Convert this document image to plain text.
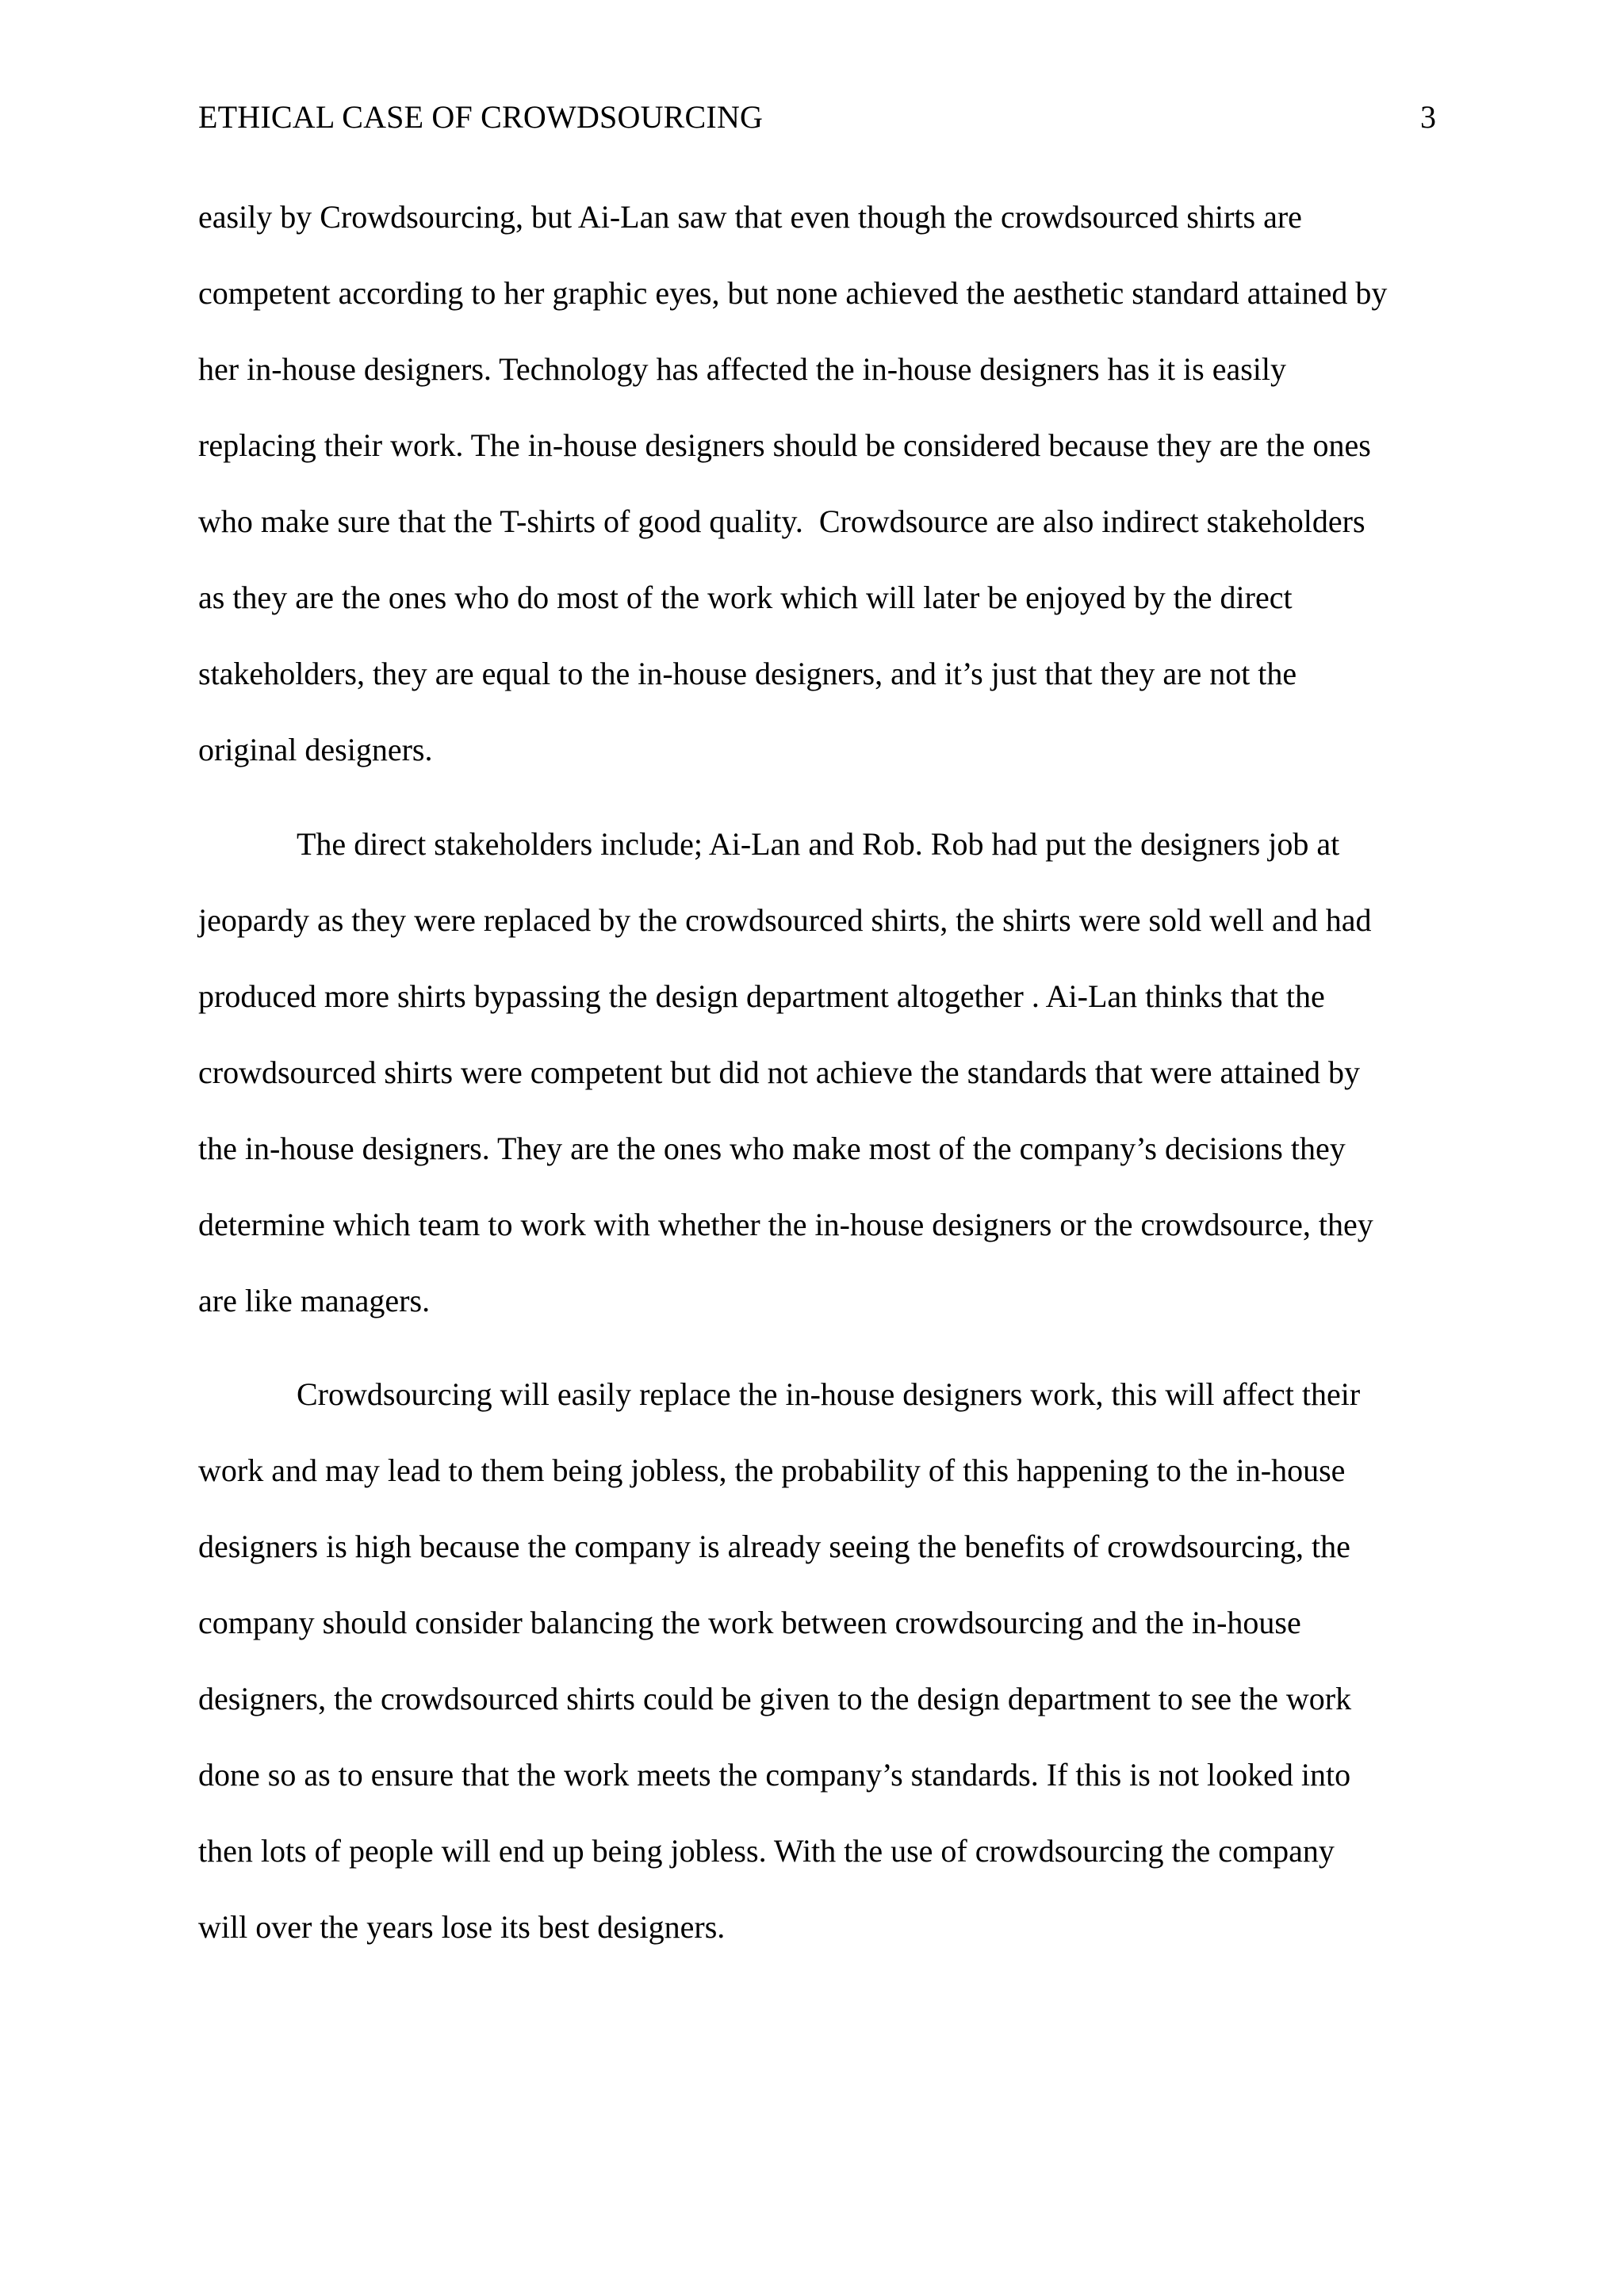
ETHICAL CASE OF CROWDSOURCING	3
easily by Crowdsourcing, but Ai-Lan saw that even though the crowdsourced shirts are
competent according to her graphic eyes, but none achieved the aesthetic standard attained by
her in-house designers. Technology has affected the in-house designers has it is easily
replacing their work. The in-house designers should be considered because they are the ones
who make sure that the T-shirts of good quality.  Crowdsource are also indirect stakeholders
as they are the ones who do most of the work which will later be enjoyed by the direct
stakeholders, they are equal to the in-house designers, and it’s just that they are not the
original designers.
The direct stakeholders include; Ai-Lan and Rob. Rob had put the designers job at
jeopardy as they were replaced by the crowdsourced shirts, the shirts were sold well and had
produced more shirts bypassing the design department altogether . Ai-Lan thinks that the
crowdsourced shirts were competent but did not achieve the standards that were attained by
the in-house designers. They are the ones who make most of the company’s decisions they
determine which team to work with whether the in-house designers or the crowdsource, they
are like managers.
Crowdsourcing will easily replace the in-house designers work, this will affect their
work and may lead to them being jobless, the probability of this happening to the in-house
designers is high because the company is already seeing the benefits of crowdsourcing, the
company should consider balancing the work between crowdsourcing and the in-house
designers, the crowdsourced shirts could be given to the design department to see the work
done so as to ensure that the work meets the company’s standards. If this is not looked into
then lots of people will end up being jobless. With the use of crowdsourcing the company
will over the years lose its best designers.
